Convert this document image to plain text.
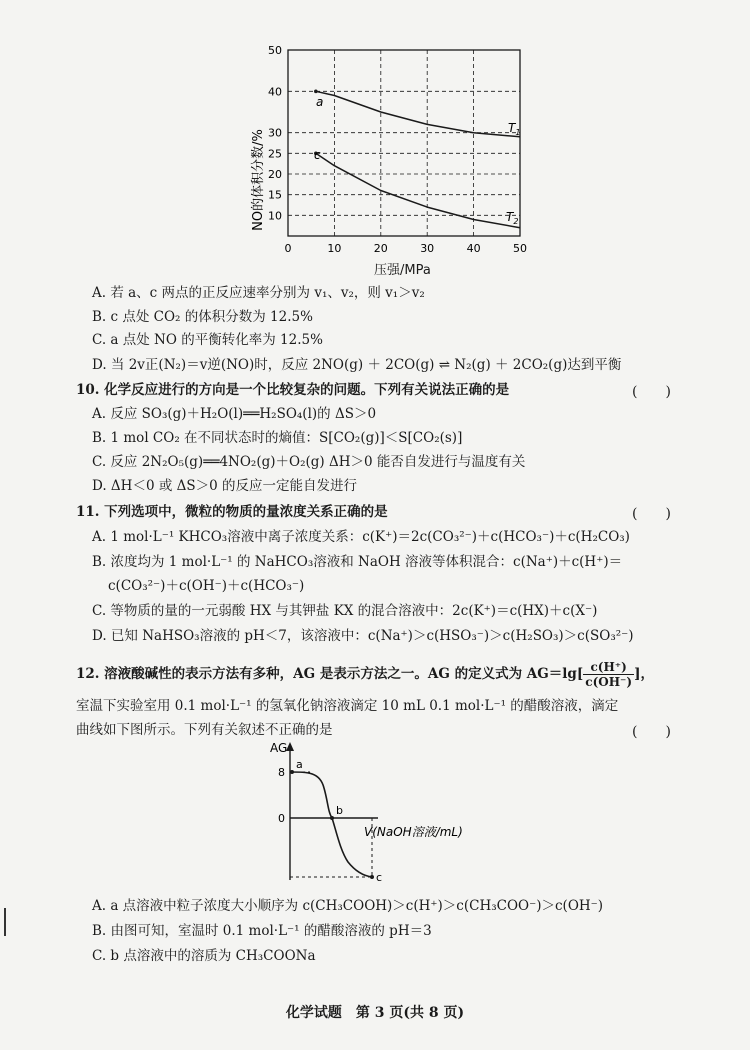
50
40
30
25
20
15
10
0	10	20	30	40	50
NO的体积分数/%
a
c
$T_1$
$T_2$
压强/MPa
A. 若 a、c 两点的正反应速率分别为 v₁、v₂，则 v₁＞v₂
B. c 点处 CO₂ 的体积分数为 12.5%
C. a 点处 NO 的平衡转化率为 12.5%
D. 当 2v正(N₂)＝v逆(NO)时，反应 2NO(g) ＋ 2CO(g) ⇌ N₂(g) ＋ 2CO₂(g)达到平衡
10. 化学反应进行的方向是一个比较复杂的问题。下列有关说法正确的是	(　　)
A. 反应 SO₃(g)＋H₂O(l)══H₂SO₄(l)的 ΔS＞0
B. 1 mol CO₂ 在不同状态时的熵值：S[CO₂(g)]＜S[CO₂(s)]
C. 反应 2N₂O₅(g)══4NO₂(g)＋O₂(g) ΔH＞0 能否自发进行与温度有关
D. ΔH＜0 或 ΔS＞0 的反应一定能自发进行
11. 下列选项中，微粒的物质的量浓度关系正确的是	(　　)
A. 1 mol·L⁻¹ KHCO₃溶液中离子浓度关系：c(K⁺)＝2c(CO₃²⁻)＋c(HCO₃⁻)＋c(H₂CO₃)
B. 浓度均为 1 mol·L⁻¹ 的 NaHCO₃溶液和 NaOH 溶液等体积混合：c(Na⁺)＋c(H⁺)＝
c(CO₃²⁻)＋c(OH⁻)＋c(HCO₃⁻)
C. 等物质的量的一元弱酸 HX 与其钾盐 KX 的混合溶液中：2c(K⁺)＝c(HX)＋c(X⁻)
D. 已知 NaHSO₃溶液的 pH＜7，该溶液中：c(Na⁺)＞c(HSO₃⁻)＞c(H₂SO₃)＞c(SO₃²⁻)
12. 溶液酸碱性的表示方法有多种，AG 是表示方法之一。AG 的定义式为 $AG=\lg[ \frac{c(H^+)}{c(OH^-)}$ ]，
室温下实验室用 0.1 mol·L⁻¹ 的氢氧化钠溶液滴定 10 mL 0.1 mol·L⁻¹ 的醋酸溶液，滴定
曲线如下图所示。下列有关叙述不正确的是	(　　)
AG
8
0
a
b
c
V(NaOH溶液/mL)
A. a 点溶液中粒子浓度大小顺序为 c(CH₃COOH)＞c(H⁺)＞c(CH₃COO⁻)＞c(OH⁻)
B. 由图可知，室温时 0.1 mol·L⁻¹ 的醋酸溶液的 pH＝3
C. b 点溶液中的溶质为 CH₃COONa
化学试题　第 3 页(共 8 页)
